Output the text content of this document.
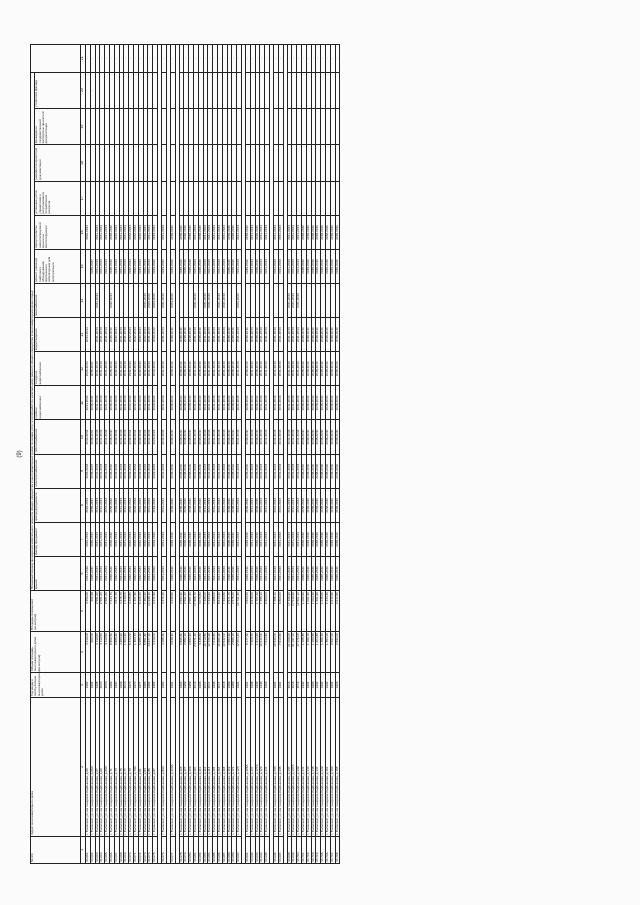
(9)
№ п/п	Адрес многоквартирного дома	Год ввода в эксплуатацию многоквартирного дома	Общая площадь многоквартирного дома (кв.метров)	Площадь помещений (кв.метров)	Плановый период проведения капитального ремонта общего имущества в многоквартирных домах по видам услуг и (или) работ по капитальному ремонту общего имущества в многоквартирном доме (годы)															
					крыша	фасад, фундамент	фасад фундамента	электроснабжение	теплоснабжение	горячее водоснабжение	холодное водоснабжение	водоотведение	газоснабжение	ремонт (замена) лифтового оборудования, признанного непригодным для эксплуатации	переустройство невентилируемой крыши на вентилируемую	установка узлов управления и регулирования потребления ресурсов	разработка проектной документации	проведение государственной экспертизы проектной документации	утепление фасада	
1	2	3	4	5	6	7	8	9	10	11	12	13	14	15	16	17	18	19	20	21
34.661.	г. Волжский, ул. им генерала Карбышева, д.65	1982	4 419,00	3 259,66	2034-2036	2026-2034	2026-2034	2026-2034	2034-2034	2034-2034	2026-2034	2034-2034			2026-2034					-
34.662.	г. Волжский, ул. им генерала Карбышева, д.65А	1992	262,00	262,98	2035-2037	2035-2037	2035-2037	2035-2037	2035-2037	2035-2037	2035-2037			2035-2037					-	-
34.663.	г. Волжский, ул. им генерала Карбышева, д.67	1998	3 119,50	2 581,60	2041-2043	2041-2043	2041-2043	2041-2043	2041-2043	2041-2043	2041-2043	2041-2043	2034-2034	2041-2043	2041-2043					-
34.664.	г. Волжский, ул. им генерала Карбышева, д.69	2003	3 119,50	2 581,60	2041-2043	2041-2043	2041-2043	2041-2043	2041-2043	2041-2043	2041-2043	2041-2043		2041-2043	2041-2043					-
34.665.	г. Волжский, ул. им генерала Карбышева, д.69А	2003	3 119,50	2 581,60	2041-2043	2041-2043	2041-2043	2041-2043	2041-2043	2041-2043	2041-2043	2041-2043		2041-2043	2041-2043					-
34.666.	г. Волжский, ул. им генерала Карбышева, д.71	1989	8 856,50	7 644,70	2038-2040	2038-2040	2038-2040	2038-2040	2038-2040	2038-2040	2038-2040	2038-2040	2032-2034	2038-2040	2038-2040					-
34.667.	г. Волжский, ул. им генерала Карбышева, д.73	1990	6 885,60	4 571,70	2032-2034	2032-2034	2032-2034	2032-2034	2032-2034	2032-2034	2032-2034	2032-2034		2032-2034	2032-2034					-
34.668.	г. Волжский, ул. им генерала Карбышева, д.75	1993	4 983,90	4 378,70	2041-2043	2041-2043	2041-2043	2041-2043	2041-2043	2041-2043	2041-2043	2041-2043		2041-2043	2041-2043					-
34.669.	г. Волжский, ул. им генерала Карбышева, д.77	2013	1 564,20	1 549,00	2041-2043	2041-2043	2041-2043	2041-2043	2041-2043	2041-2043	2041-2043	2041-2043		2041-2043	2041-2043					-
34.670.	г. Волжский, ул. им генерала Карбышева, д.79	1974	5 372,00	4 425,80	2032-2034	2032-2034	2032-2034	2032-2034	2032-2034	2032-2034	2032-2034	2032-2034		2032-2034	2032-2034					-
34.671.	г. Волжский, ул. им генерала Карбышева, д.79А	1970	1 363,70	1 427,30	2032-2034	2032-2034	2032-2034	2032-2034	2032-2034	2032-2034	2032-2034	2032-2034		2032-2034	2032-2034					-
34.672.	г. Волжский, ул. им генерала Карбышева, д.81	1977	5 985,90	5 426,10	2032-2034	2032-2034	2032-2034	2032-2034	2032-2034	2032-2034	2032-2034	2032-2034		2032-2034	2032-2034					-
34.673.	г. Волжский, ул. им генерала Карбышева, д.83	1983	5 851,80	7 354,20	2032-2034	2032-2034	2032-2034	2032-2034	2032-2034	2032-2034	2032-2034	2032-2034	2041-2043	2032-2034	2032-2034					-
34.674.	г. Волжский, ул. им генерала Карбышева, д.85	1982	13 677,10	10 998,10	2041-2043	2041-2043	2041-2043	2041-2043	2041-2043	2041-2043	2041-2043	2041-2043	2029-2022	2041-2043	2041-2043					-
34.675.	г. Волжский, ул. им генерала Карбышева, д.87	1982	4 419,00	3 271,56	2029-2022	2029-2022	2029-2022	2029-2022	2029-2022	2029-2022	2029-2022	2029-2022	2029-2022	2029-2022	2029-2022					-

34.676.	г. Волжский, ул. им генерала Карбышева, д.89А	1984	4 185,30	3 370,40	2041-2043	2041-2043	2041-2043	2041-2043	2041-2043	2041-2043	2041-2043	2041-2043	2041-2043	2029-2022	2041-2043					-

34.677.	г. Волжский, ул. им генерала Карбышева, д.103А	1991	4 848,20	4 296,50	2038-2040	2038-2040	2038-2040	2038-2040	2038-2040	2038-2040	2038-2040	2038-2040	2029-2022	2038-2040	2038-2040					-

34.678.	г. Волжский, ул. им генерала Карбышева, д.105	1993	2 895,50	2 584,90	2038-2040	2038-2040	2038-2040	2038-2040	2038-2040	2038-2040	2038-2040	2038-2040		2038-2040	2038-2040					-
34.679.	г. Волжский, ул. им генерала Карбышева, д.107	1989	2 882,10	2 591,20	2038-2040	2038-2040	2038-2040	2038-2040	2038-2040	2038-2040	2038-2040	2038-2040		2038-2040	2038-2040					-
34.680.	г. Волжский, ул. им генерала Карбышева, д.109	1989	2 882,90	2 587,90	2038-2040	2038-2040	2038-2040	2038-2040	2038-2040	2038-2040	2038-2040	2038-2040		2038-2040	2038-2040					-
34.681.	г. Волжский, ул. им генерала Карбышева, д.110	2016	24 571,30	17 865,70	2041-2043	2041-2043	2041-2043	2041-2043	2041-2043	2041-2043	2041-2043	2041-2043	2041-2043	2041-2043	2041-2043					-
34.682.	г. Волжский, ул. им генерала Карбышева, д.111	1993	3 438,80	3 073,80	2038-2040	2038-2040	2038-2040	2038-2040	2038-2040	2038-2040	2038-2040	2038-2040		2038-2040	2038-2040					-
34.683.	г. Волжский, ул. им генерала Карбышева, д.112	2017	10 713,80	7 465,00	2041-2043	2041-2043	2041-2043	2041-2043	2041-2043	2041-2043	2041-2043	2041-2043	2041-2043	2041-2043	2041-2043					-
34.684.	г. Волжский, ул. им генерала Карбышева, д.114	2017	10 726,90	7 434,60	2041-2043	2041-2043	2041-2043	2041-2043	2041-2043	2041-2043	2041-2043	2041-2043	2041-2043	2041-2043	2041-2043					-
34.685.	г. Волжский, ул. им генерала Карбышева, д.115	1995	7 216,50	4 988,00	2041-2043	2041-2043	2041-2043	2041-2043	2041-2043	2041-2043	2041-2043	2041-2043		2041-2043	2041-2043					-
34.686.	г. Волжский, ул. им генерала Карбышева, д.116	2017	10 680,90	8 613,90	2041-2043	2041-2043	2041-2043	2041-2043	2041-2043	2041-2043	2041-2043	2041-2043	2041-2043	2041-2043	2041-2043					-
34.687.	г. Волжский, ул. им генерала Карбышева, д.118	2018	10 542,00	7 394,80	2041-2043	2041-2043	2041-2043	2041-2043	2041-2043	2041-2043	2041-2043	2041-2043	2041-2043	2041-2043	2041-2043					-
34.688.	г. Волжский, ул. им генерала Карбышева, д.119	1989	2 883,90	2 571,70	2038-2040	2038-2040	2038-2040	2038-2040	2038-2040	2038-2040	2038-2040	2038-2040		2038-2040	2038-2040					-
34.689.	г. Волжский, ул. им генерала Карбышева, д.121	1989	2 886,10	2 575,20	2038-2040	2038-2040	2038-2040	2038-2040	2038-2040	2038-2040	2038-2040	2038-2040		2038-2040	2038-2040					-
34.690.	г. Волжский, ул. им генерала Карбышева, д.123	1991	12 204,40	10 791,30	2041-2043	2041-2043	2041-2043	2041-2043	2041-2043	2041-2043	2041-2043	2041-2043	2029-2022	2041-2043	2041-2043					-

34.691.	г. Волжский, ул. им генерала Карбышева, д.125А	1991	5 177,30	4 523,20	2038-2040	2038-2040	2038-2040	2038-2040	2038-2040	2038-2040	2038-2040	2038-2040		2038-2040	2038-2040					-
34.692.	г. Волжский, ул. им генерала Карбышева, д.127	1998	7 408,70	6 576,00	2041-2043	2041-2043	2041-2043	2041-2043	2041-2043	2041-2043	2041-2043	2041-2043		2041-2043	2041-2043					-
34.693.	г. Волжский, ул. им генерала Карбышева, д.127А	1999	1 914,60	1 707,20	2038-2040	2038-2040	2038-2040	2038-2040	2038-2040	2038-2040	2038-2040	2038-2040		2038-2040	2038-2040					-
34.694.	г. Волжский, ул. им генерала Карбышева, д.129	1998	10 542,00	7 455,10	2041-2043	2041-2043	2041-2043	2041-2043	2041-2043	2041-2043	2041-2043	2041-2043		2041-2043	2041-2043					-
34.695.	г. Волжский, ул. им генерала Карбышева, д.131	1993	7 613,50	6 863,00	2041-2043	2041-2043	2041-2043	2041-2043	2041-2043	2041-2043	2041-2043	2041-2043		2041-2043	2041-2043					-

34.696.	г. Волжский, ул. им генерала Карбышева, д.133	1991	10 542,00	7 485,10	2041-2043	2041-2043	2041-2043	2041-2043	2041-2043	2041-2043	2041-2043	2041-2043		2041-2043	2041-2043					-
34.697.	г. Волжский, ул. им генерала Карбышева, д.135	1991	7 613,50	6 863,00	2041-2043	2041-2043	2041-2043	2041-2043	2041-2043	2041-2043	2041-2043	2041-2043		2041-2043	2041-2043					-

34.698.	г. Волжский, ул. им генерала Карбышева, д.137	2016	21 008,00	17 426,90	2041-2043	2041-2043	2041-2043	2041-2043	2041-2043	2041-2043	2041-2043	2041-2043	2041-2043	2041-2043	2041-2043					-
34.699.	г. Волжский, ул. им генерала Карбышева, д.137А	2018	21 197,10	17 549,90	2041-2043	2041-2043	2041-2043	2041-2043	2041-2043	2041-2043	2041-2043	2041-2043	2041-2043	2041-2043	2041-2043					-
34.700.	г. Волжский, ул. им генерала Карбышева, д.139	2016	17 176,00	12 501,10	2041-2043	2041-2043	2041-2043	2041-2043	2041-2043	2041-2043	2041-2043	2041-2043	2041-2043	2041-2043	2041-2043					-
34.701.	г. Волжский, ул. им генерала Карбышева, д.141	1992	1 185,80	1 062,60	2038-2040	2038-2040	2038-2040	2038-2040	2038-2040	2038-2040	2038-2040	2038-2040		2038-2040	2038-2040					-
34.702.	г. Волжский, ул. им генерала Карбышева, д.143	1992	1 186,70	1 061,90	2038-2040	2038-2040	2038-2040	2038-2040	2038-2040	2038-2040	2038-2040	2038-2040		2038-2040	2038-2040					-
34.703.	г. Волжский, ул. им генерала Карбышева, д.145	1993	1 189,50	1 064,30	2038-2040	2038-2040	2038-2040	2038-2040	2038-2040	2038-2040	2038-2040	2038-2040		2038-2040	2038-2040					-
34.704.	г. Волжский, ул. им генерала Карбышева, д.147	1992	1 404,80	1 261,90	2038-2040	2038-2040	2038-2040	2038-2040	2038-2040	2038-2040	2038-2040	2038-2040		2038-2040	2038-2040					-
34.705.	г. Волжский, ул. им генерала Карбышева, д.149	1992	1 386,10	1 245,60	2038-2040	2038-2040	2038-2040	2038-2040	2038-2040	2038-2040	2038-2040	2038-2040		2038-2040	2038-2040					-
34.706.	г. Волжский, ул. им генерала Карбышева, д.151	1992	1 384,10	1 244,30	2038-2040	2038-2040	2038-2040	2038-2040	2038-2040	2038-2040	2038-2040	2038-2040		2038-2040	2038-2040					-
34.707.	г. Волжский, ул. им генерала Карбышева, д.153	1992	2 897,00	2 610,90	2038-2040	2038-2040	2038-2040	2038-2040	2038-2040	2038-2040	2038-2040	2038-2040		2038-2040	2038-2040					-
34.708.	г. Волжский, ул. им генерала Карбышева, д.155	1993	2 892,00	2 617,80	2038-2040	2038-2040	2038-2040	2038-2040	2038-2040	2038-2040	2038-2040	2038-2040		2038-2040	2038-2040					-
